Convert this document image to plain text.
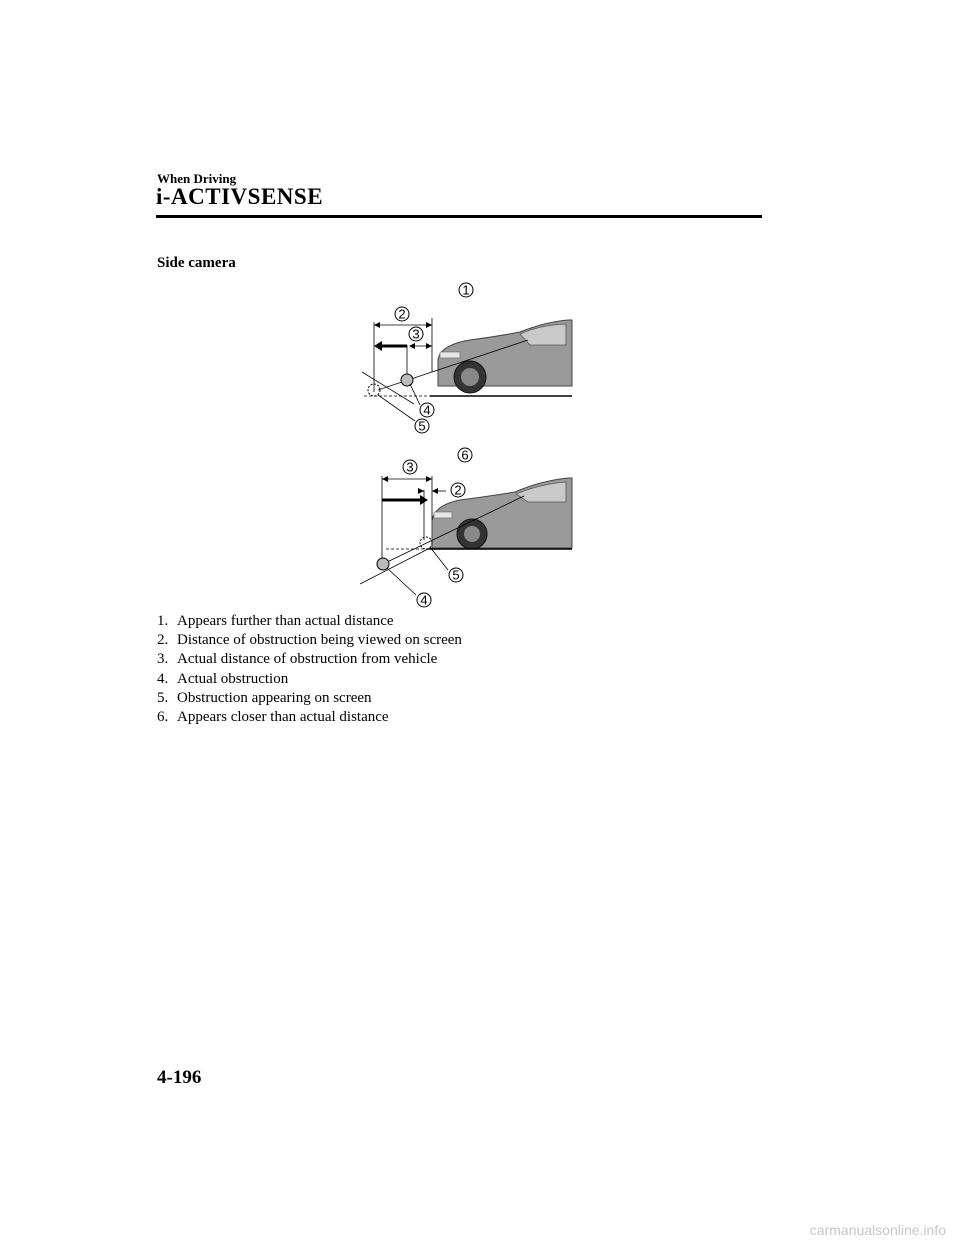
When Driving
i-ACTIVSENSE
Side camera
1
2
3
4
5
6
3
2
5
4
1. Appears further than actual distance
2. Distance of obstruction being viewed on screen
3. Actual distance of obstruction from vehicle
4. Actual obstruction
5. Obstruction appearing on screen
6. Appears closer than actual distance
4-196
carmanualsonline.info
